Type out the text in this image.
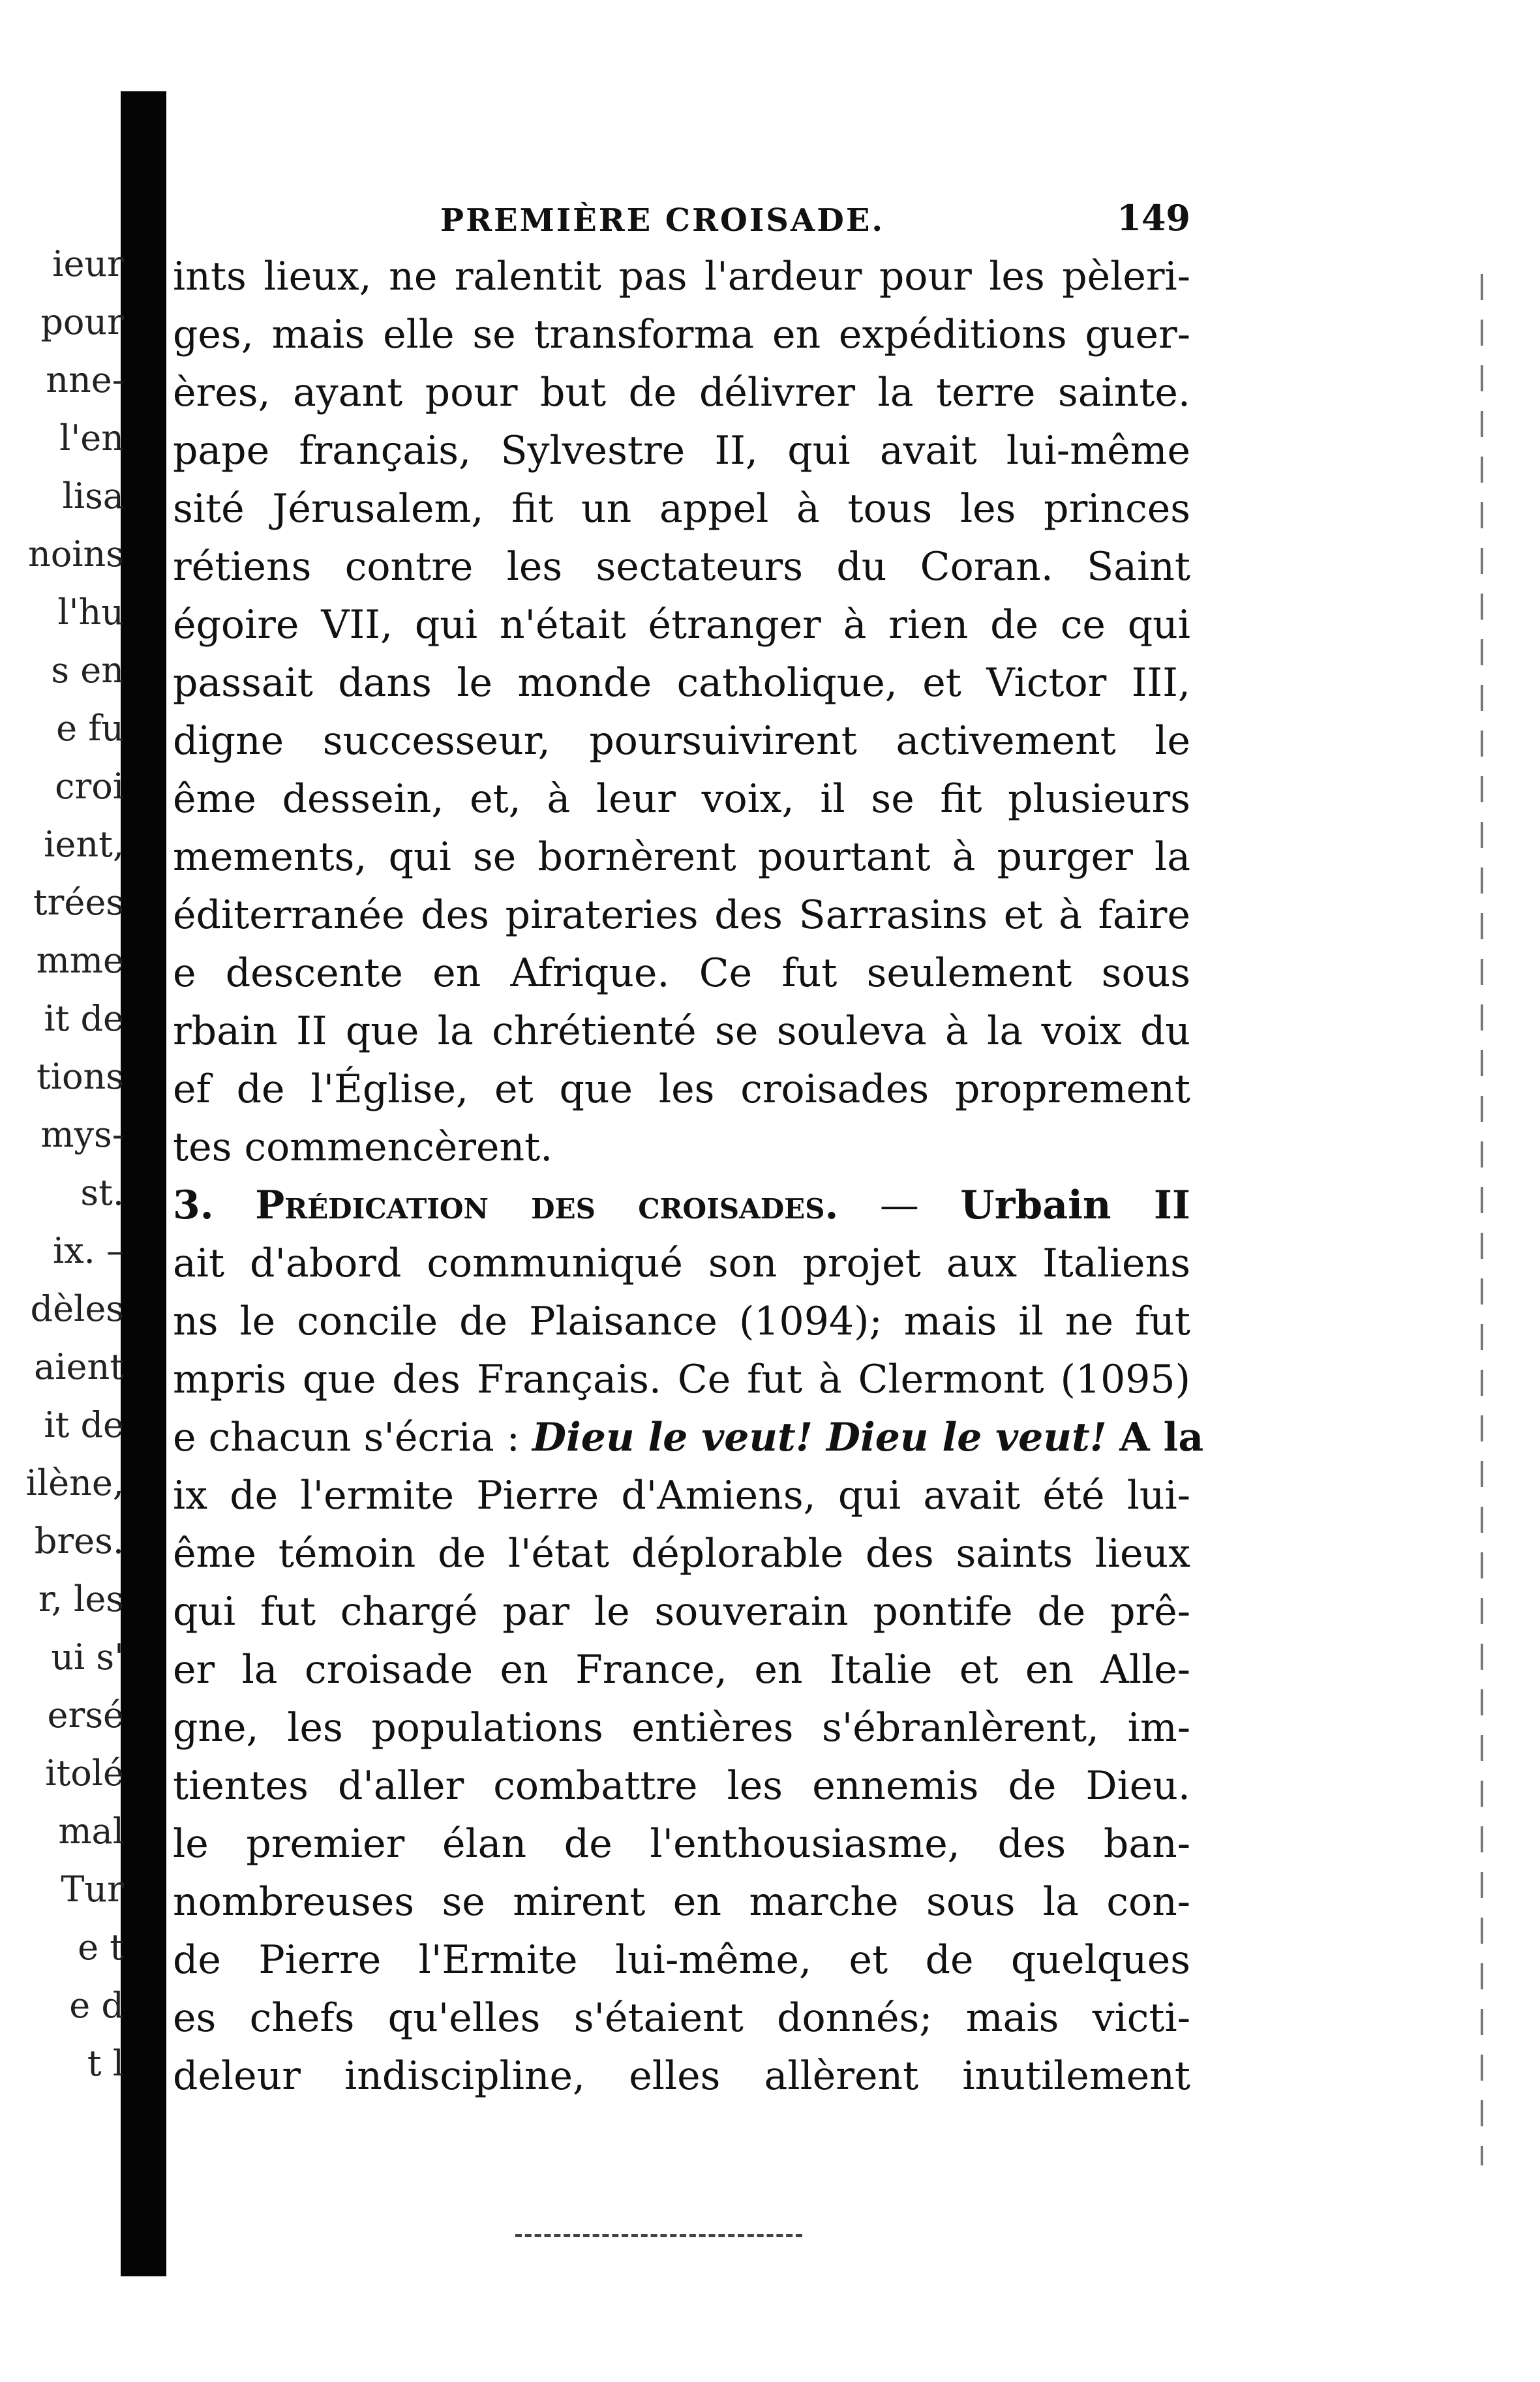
ieur
pour
nne-
l'en
lisa
noins
l'hu
s en
e fu
croi
ient,
trées
mme
it de
tions
mys-
st.
ix. –
dèles
aient
it de
ilène,
bres.
r, les
ui s'
ersé
itolé
mal
Tur
e t
e d
t l
PREMIÈRE CROISADE.	149
ints lieux, ne ralentit pas l'ardeur pour les pèleri-
ges, mais elle se transforma en expéditions guer-
ères, ayant pour but de délivrer la terre sainte.
pape français, Sylvestre II, qui avait lui-même
sité Jérusalem, fit un appel à tous les princes
rétiens contre les sectateurs du Coran. Saint
égoire VII, qui n'était étranger à rien de ce qui
passait dans le monde catholique, et Victor III,
digne successeur, poursuivirent activement le
ême dessein, et, à leur voix, il se fit plusieurs
mements, qui se bornèrent pourtant à purger la
éditerranée des pirateries des Sarrasins et à faire
e descente en Afrique. Ce fut seulement sous
rbain II que la chrétienté se souleva à la voix du
ef de l'Église, et que les croisades proprement
tes commencèrent.
3. Prédication des croisades. — Urbain II
ait d'abord communiqué son projet aux Italiens
ns le concile de Plaisance (1094); mais il ne fut
mpris que des Français. Ce fut à Clermont (1095)
e chacun s'écria : Dieu le veut! Dieu le veut! A la
ix de l'ermite Pierre d'Amiens, qui avait été lui-
ême témoin de l'état déplorable des saints lieux
qui fut chargé par le souverain pontife de prê-
er la croisade en France, en Italie et en Alle-
gne, les populations entières s'ébranlèrent, im-
tientes d'aller combattre les ennemis de Dieu.
le premier élan de l'enthousiasme, des ban-
nombreuses se mirent en marche sous la con-
de Pierre l'Ermite lui-même, et de quelques
es chefs qu'elles s'étaient donnés; mais victi-
deleur indiscipline, elles allèrent inutilement
